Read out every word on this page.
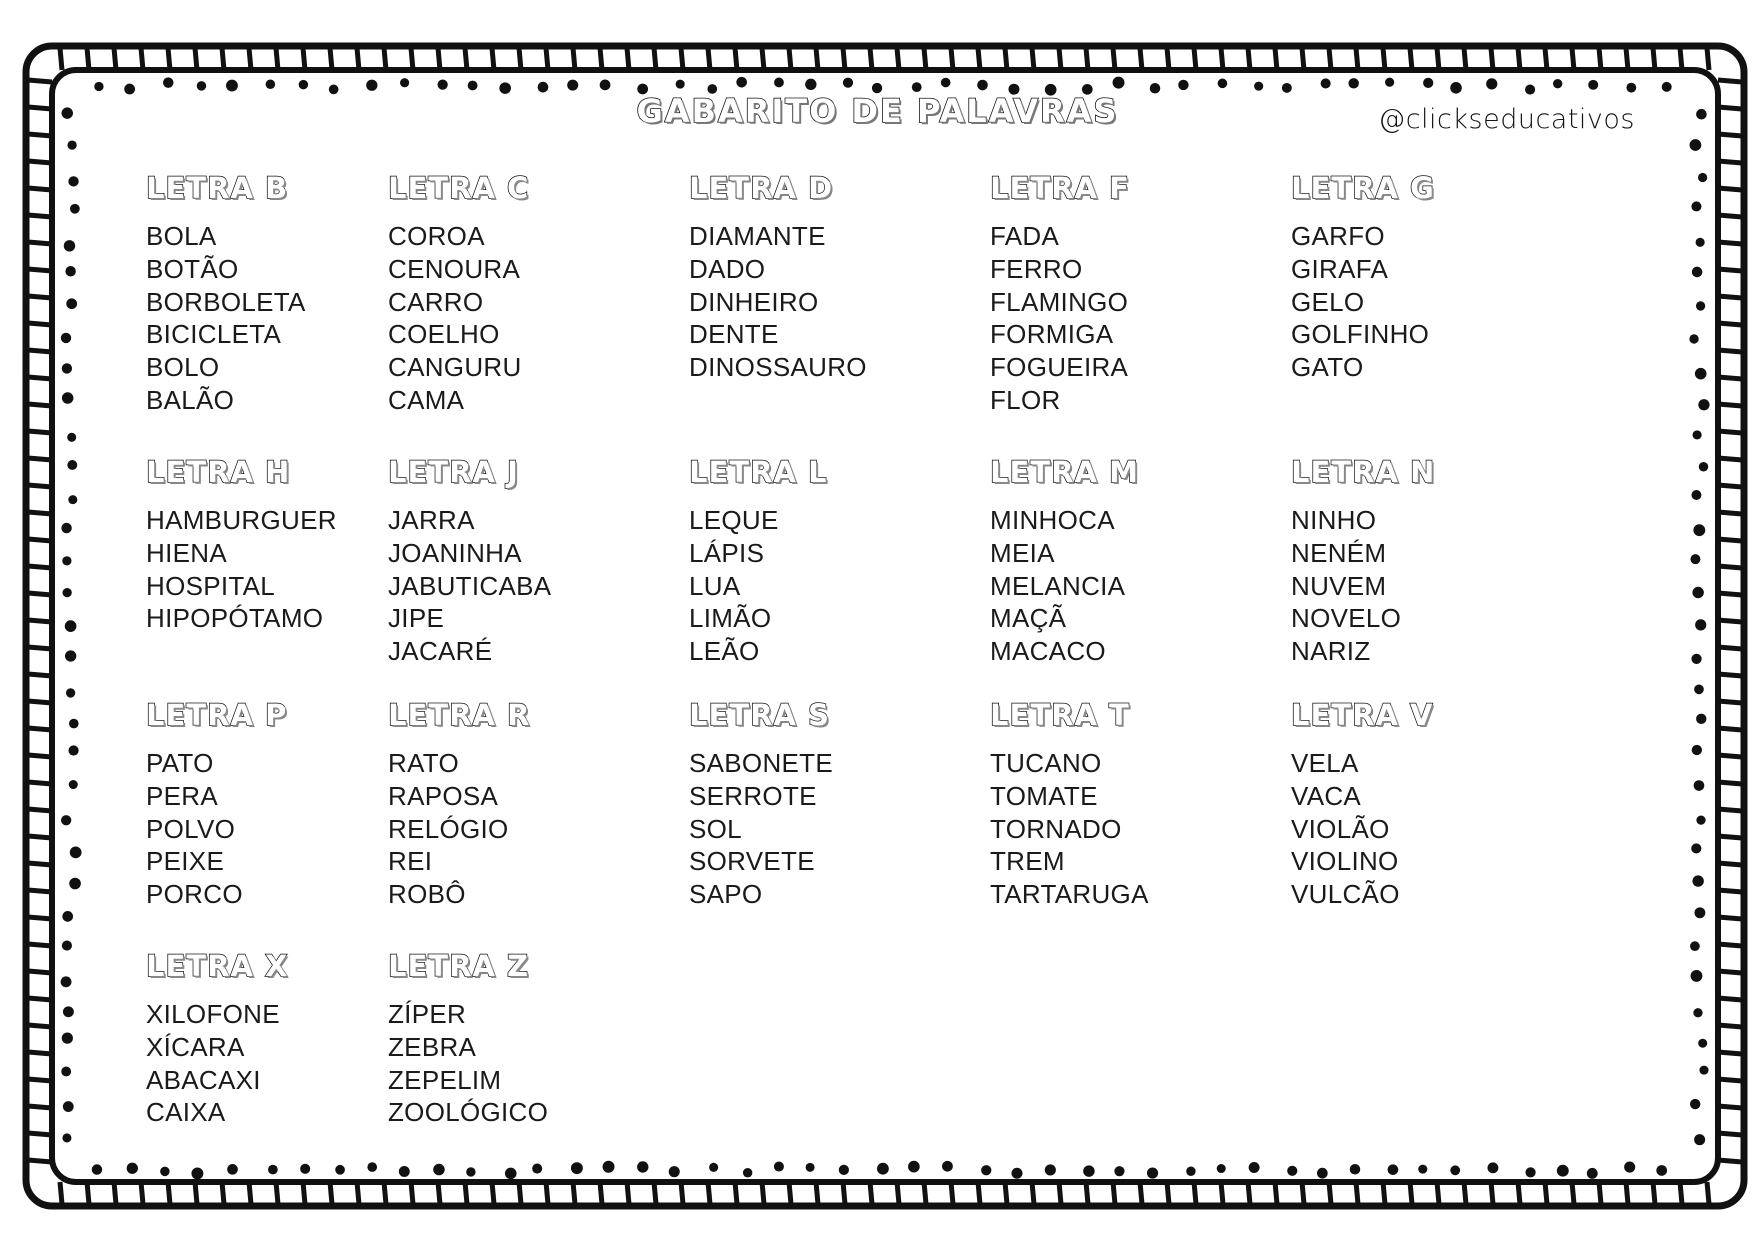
GABARITO DE PALAVRAS	@clickseducativos
LETRA B
BOLA
BOTÃO
BORBOLETA
BICICLETA
BOLO
BALÃO
LETRA C
COROA
CENOURA
CARRO
COELHO
CANGURU
CAMA
LETRA D
DIAMANTE
DADO
DINHEIRO
DENTE
DINOSSAURO
LETRA F
FADA
FERRO
FLAMINGO
FORMIGA
FOGUEIRA
FLOR
LETRA G
GARFO
GIRAFA
GELO
GOLFINHO
GATO
LETRA H
HAMBURGUER
HIENA
HOSPITAL
HIPOPÓTAMO
LETRA J
JARRA
JOANINHA
JABUTICABA
JIPE
JACARÉ
LETRA L
LEQUE
LÁPIS
LUA
LIMÃO
LEÃO
LETRA M
MINHOCA
MEIA
MELANCIA
MAÇÃ
MACACO
LETRA N
NINHO
NENÉM
NUVEM
NOVELO
NARIZ
LETRA P
PATO
PERA
POLVO
PEIXE
PORCO
LETRA R
RATO
RAPOSA
RELÓGIO
REI
ROBÔ
LETRA S
SABONETE
SERROTE
SOL
SORVETE
SAPO
LETRA T
TUCANO
TOMATE
TORNADO
TREM
TARTARUGA
LETRA V
VELA
VACA
VIOLÃO
VIOLINO
VULCÃO
LETRA X
XILOFONE
XÍCARA
ABACAXI
CAIXA
LETRA Z
ZÍPER
ZEBRA
ZEPELIM
ZOOLÓGICO
